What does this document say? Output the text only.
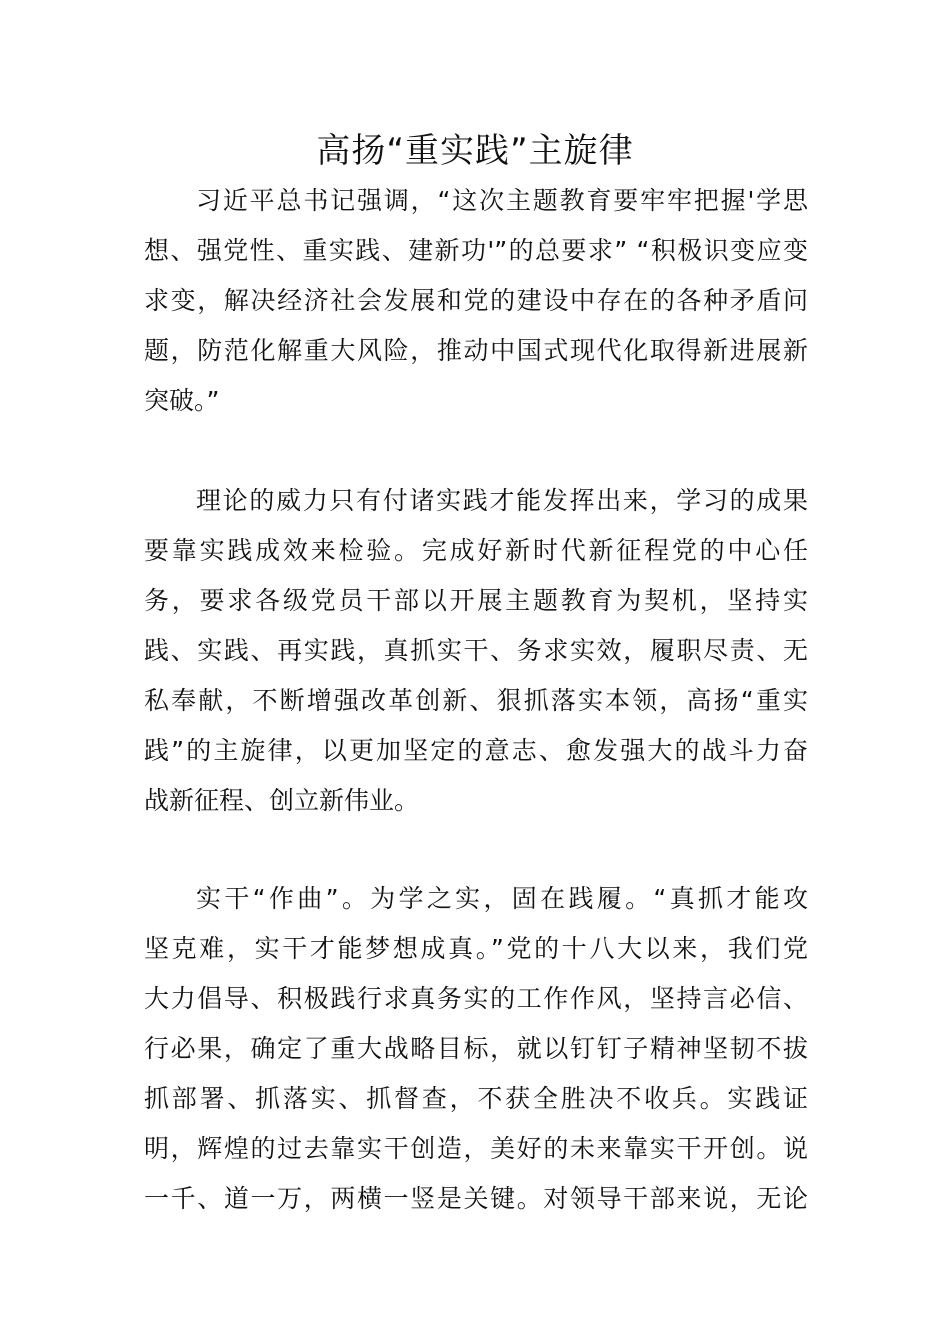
高扬“重实践”主旋律
习近平总书记强调，“这次主题教育要牢牢把握'学思
想、强党性、重实践、建新功'”的总要求” “积极识变应变
求变，解决经济社会发展和党的建设中存在的各种矛盾问
题，防范化解重大风险，推动中国式现代化取得新进展新
突破。”
理论的威力只有付诸实践才能发挥出来，学习的成果
要靠实践成效来检验。完成好新时代新征程党的中心任
务，要求各级党员干部以开展主题教育为契机，坚持实
践、实践、再实践，真抓实干、务求实效，履职尽责、无
私奉献，不断增强改革创新、狠抓落实本领，高扬“重实
践”的主旋律，以更加坚定的意志、愈发强大的战斗力奋
战新征程、创立新伟业。
实干“作曲”。为学之实，固在践履。“真抓才能攻
坚克难，实干才能梦想成真。”党的十八大以来，我们党
大力倡导、积极践行求真务实的工作作风，坚持言必信、
行必果，确定了重大战略目标，就以钉钉子精神坚韧不拔
抓部署、抓落实、抓督查，不获全胜决不收兵。实践证
明，辉煌的过去靠实干创造，美好的未来靠实干开创。说
一千、道一万，两横一竖是关键。对领导干部来说，无论
